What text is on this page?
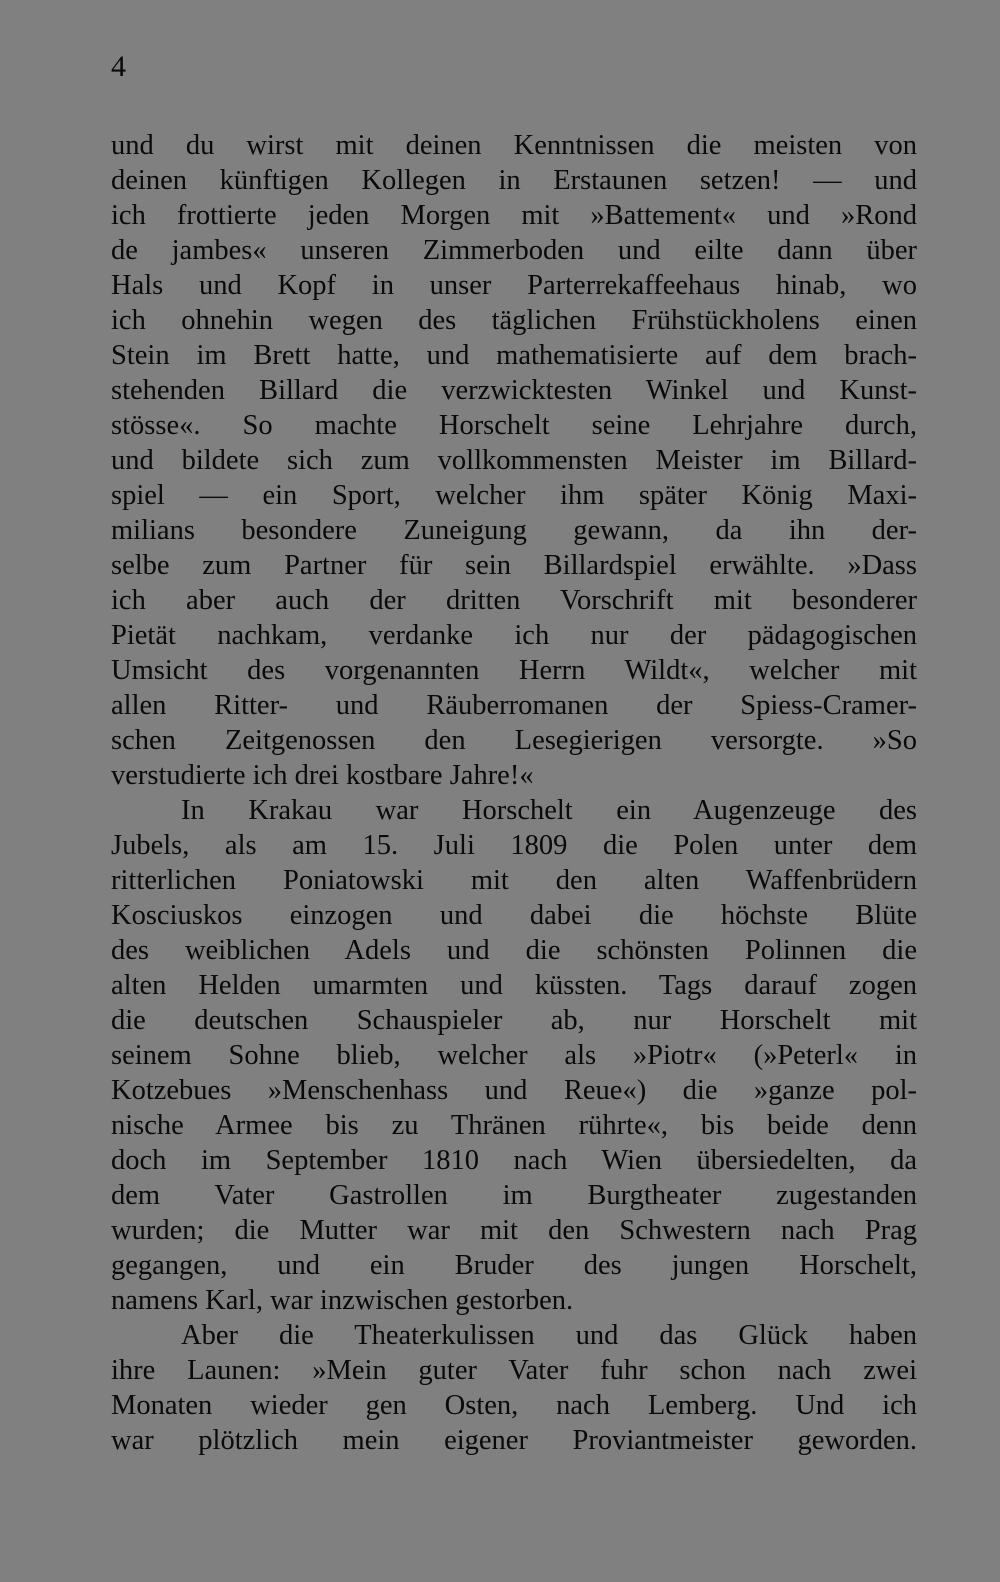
4
und du wirst mit deinen Kenntnissen die meisten von
deinen künftigen Kollegen in Erstaunen setzen! — und
ich frottierte jeden Morgen mit »Battement« und »Rond
de jambes« unseren Zimmerboden und eilte dann über
Hals und Kopf in unser Parterrekaffeehaus hinab, wo
ich ohnehin wegen des täglichen Frühstückholens einen
Stein im Brett hatte, und mathematisierte auf dem brach-
stehenden Billard die verzwicktesten Winkel und Kunst-
stösse«. So machte Horschelt seine Lehrjahre durch,
und bildete sich zum vollkommensten Meister im Billard-
spiel — ein Sport, welcher ihm später König Maxi-
milians besondere Zuneigung gewann, da ihn der-
selbe zum Partner für sein Billardspiel erwählte. »Dass
ich aber auch der dritten Vorschrift mit besonderer
Pietät nachkam, verdanke ich nur der pädagogischen
Umsicht des vorgenannten Herrn Wildt«, welcher mit
allen Ritter- und Räuberromanen der Spiess-Cramer-
schen Zeitgenossen den Lesegierigen versorgte. »So
verstudierte ich drei kostbare Jahre!«
In Krakau war Horschelt ein Augenzeuge des
Jubels, als am 15. Juli 1809 die Polen unter dem
ritterlichen Poniatowski mit den alten Waffenbrüdern
Kosciuskos einzogen und dabei die höchste Blüte
des weiblichen Adels und die schönsten Polinnen die
alten Helden umarmten und küssten. Tags darauf zogen
die deutschen Schauspieler ab, nur Horschelt mit
seinem Sohne blieb, welcher als »Piotr« (»Peterl« in
Kotzebues »Menschenhass und Reue«) die »ganze pol-
nische Armee bis zu Thränen rührte«, bis beide denn
doch im September 1810 nach Wien übersiedelten, da
dem Vater Gastrollen im Burgtheater zugestanden
wurden; die Mutter war mit den Schwestern nach Prag
gegangen, und ein Bruder des jungen Horschelt,
namens Karl, war inzwischen gestorben.
Aber die Theaterkulissen und das Glück haben
ihre Launen: »Mein guter Vater fuhr schon nach zwei
Monaten wieder gen Osten, nach Lemberg. Und ich
war plötzlich mein eigener Proviantmeister geworden.
